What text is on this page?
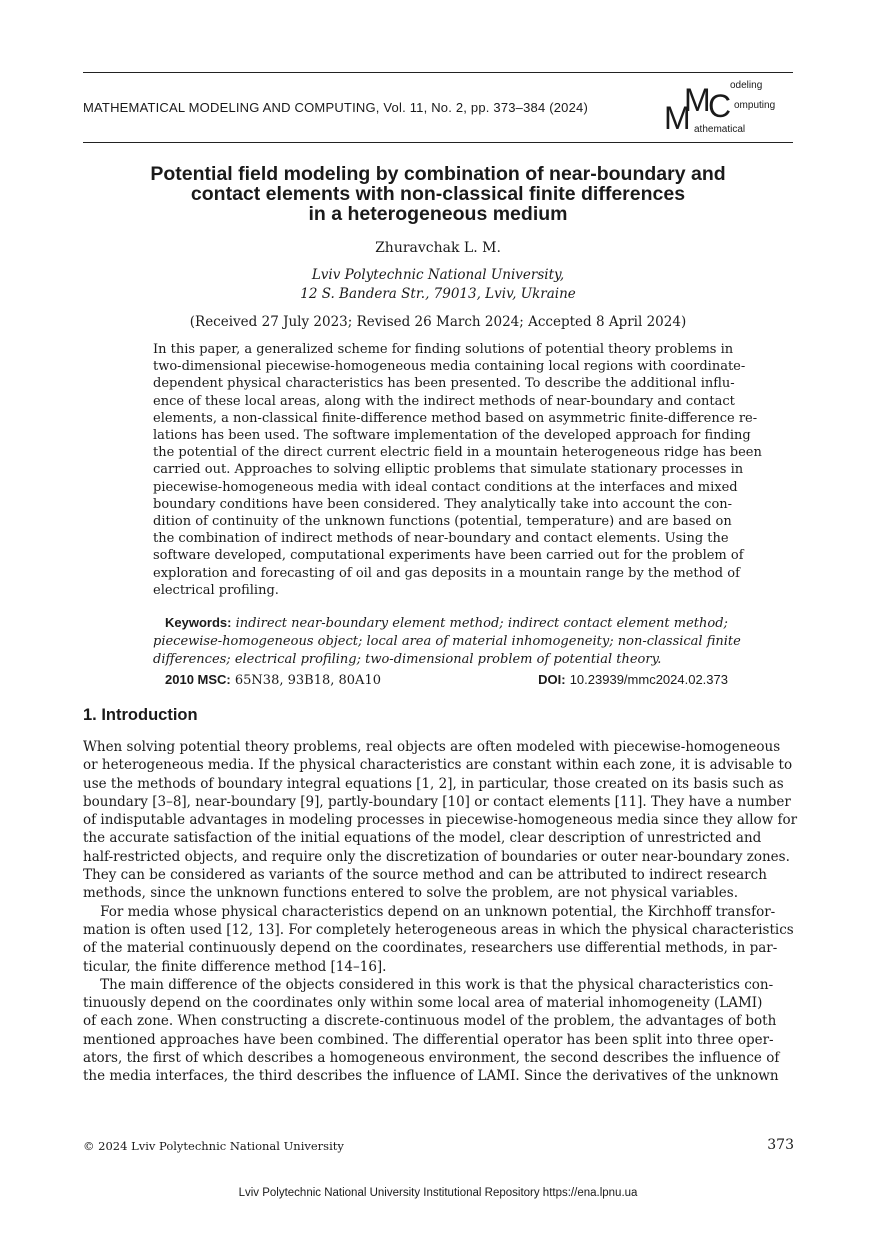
MATHEMATICAL MODELING AND COMPUTING, Vol. 11, No. 2, pp. 373–384 (2024) M
M
C
odeling
omputing
athematical
Potential field modeling by combination of near-boundary and
contact elements with non-classical finite differences
in a heterogeneous medium
Zhuravchak L. M.
Lviv Polytechnic National University,
12 S. Bandera Str., 79013, Lviv, Ukraine
(Received 27 July 2023; Revised 26 March 2024; Accepted 8 April 2024)
In this paper, a generalized scheme for finding solutions of potential theory problems in
two-dimensional piecewise-homogeneous media containing local regions with coordinate-
dependent physical characteristics has been presented. To describe the additional influ-
ence of these local areas, along with the indirect methods of near-boundary and contact
elements, a non-classical finite-difference method based on asymmetric finite-difference re-
lations has been used. The software implementation of the developed approach for finding
the potential of the direct current electric field in a mountain heterogeneous ridge has been
carried out. Approaches to solving elliptic problems that simulate stationary processes in
piecewise-homogeneous media with ideal contact conditions at the interfaces and mixed
boundary conditions have been considered. They analytically take into account the con-
dition of continuity of the unknown functions (potential, temperature) and are based on
the combination of indirect methods of near-boundary and contact elements. Using the
software developed, computational experiments have been carried out for the problem of
exploration and forecasting of oil and gas deposits in a mountain range by the method of
electrical profiling.
Keywords: indirect near-boundary element method; indirect contact element method;
piecewise-homogeneous object; local area of material inhomogeneity; non-classical finite
differences; electrical profiling; two-dimensional problem of potential theory.
2010 MSC: 65N38, 93B18, 80A10	DOI: 10.23939/mmc2024.02.373
1. Introduction
When solving potential theory problems, real objects are often modeled with piecewise-homogeneous
or heterogeneous media. If the physical characteristics are constant within each zone, it is advisable to
use the methods of boundary integral equations [1, 2], in particular, those created on its basis such as
boundary [3–8], near-boundary [9], partly-boundary [10] or contact elements [11]. They have a number
of indisputable advantages in modeling processes in piecewise-homogeneous media since they allow for
the accurate satisfaction of the initial equations of the model, clear description of unrestricted and
half-restricted objects, and require only the discretization of boundaries or outer near-boundary zones.
They can be considered as variants of the source method and can be attributed to indirect research
methods, since the unknown functions entered to solve the problem, are not physical variables.
For media whose physical characteristics depend on an unknown potential, the Kirchhoff transfor-
mation is often used [12, 13]. For completely heterogeneous areas in which the physical characteristics
of the material continuously depend on the coordinates, researchers use differential methods, in par-
ticular, the finite difference method [14–16].
The main difference of the objects considered in this work is that the physical characteristics con-
tinuously depend on the coordinates only within some local area of material inhomogeneity (LAMI)
of each zone. When constructing a discrete-continuous model of the problem, the advantages of both
mentioned approaches have been combined. The differential operator has been split into three oper-
ators, the first of which describes a homogeneous environment, the second describes the influence of
the media interfaces, the third describes the influence of LAMI. Since the derivatives of the unknown
© 2024 Lviv Polytechnic National University	373
Lviv Polytechnic National University Institutional Repository https://ena.lpnu.ua
